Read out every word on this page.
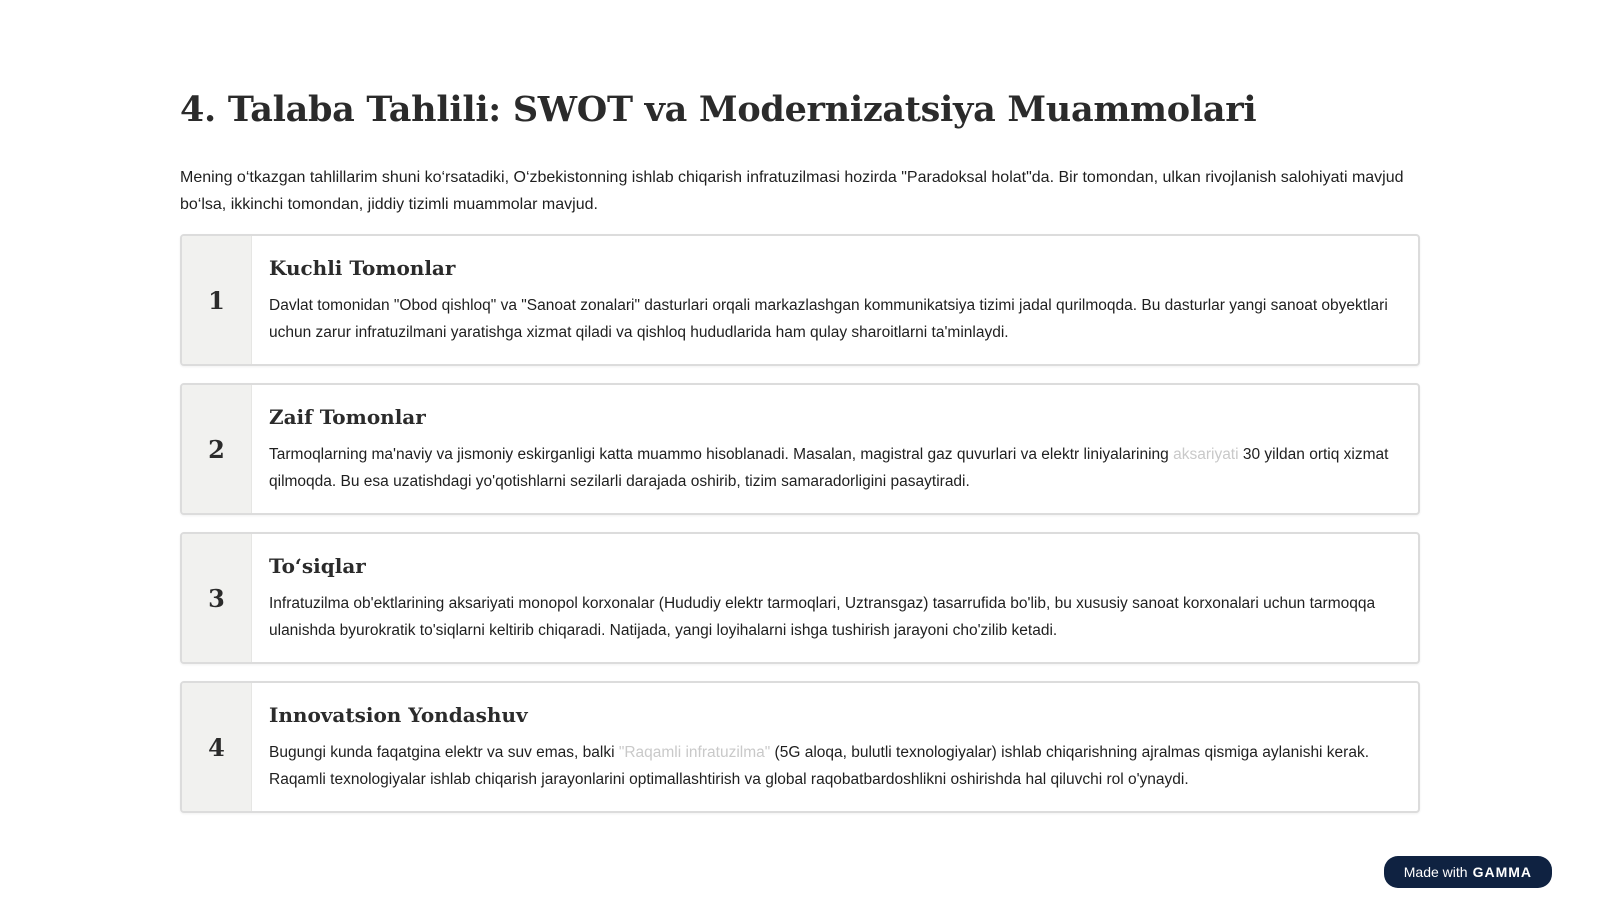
4. Talaba Tahlili: SWOT va Modernizatsiya Muammolari

Mening o‘tkazgan tahlillarim shuni ko‘rsatadiki, O‘zbekistonning ishlab chiqarish infratuzilmasi hozirda "Paradoksal holat"da. Bir tomondan, ulkan rivojlanish salohiyati mavjud bo‘lsa, ikkinchi tomondan, jiddiy tizimli muammolar mavjud.

1
Kuchli Tomonlar
Davlat tomonidan "Obod qishloq" va "Sanoat zonalari" dasturlari orqali markazlashgan kommunikatsiya tizimi jadal qurilmoqda. Bu dasturlar yangi sanoat obyektlari uchun zarur infratuzilmani yaratishga xizmat qiladi va qishloq hududlarida ham qulay sharoitlarni ta'minlaydi.
2
Zaif Tomonlar
Tarmoqlarning ma'naviy va jismoniy eskirganligi katta muammo hisoblanadi. Masalan, magistral gaz quvurlari va elektr liniyalarining aksariyati 30 yildan ortiq xizmat qilmoqda. Bu esa uzatishdagi yo'qotishlarni sezilarli darajada oshirib, tizim samaradorligini pasaytiradi.
3
To‘siqlar
Infratuzilma ob'ektlarining aksariyati monopol korxonalar (Hududiy elektr tarmoqlari, Uztransgaz) tasarrufida bo'lib, bu xususiy sanoat korxonalari uchun tarmoqqa ulanishda byurokratik to'siqlarni keltirib chiqaradi. Natijada, yangi loyihalarni ishga tushirish jarayoni cho'zilib ketadi.
4
Innovatsion Yondashuv
Bugungi kunda faqatgina elektr va suv emas, balki "Raqamli infratuzilma" (5G aloqa, bulutli texnologiyalar) ishlab chiqarishning ajralmas qismiga aylanishi kerak. Raqamli texnologiyalar ishlab chiqarish jarayonlarini optimallashtirish va global raqobatbardoshlikni oshirishda hal qiluvchi rol o'ynaydi.
Made with GAMMA
